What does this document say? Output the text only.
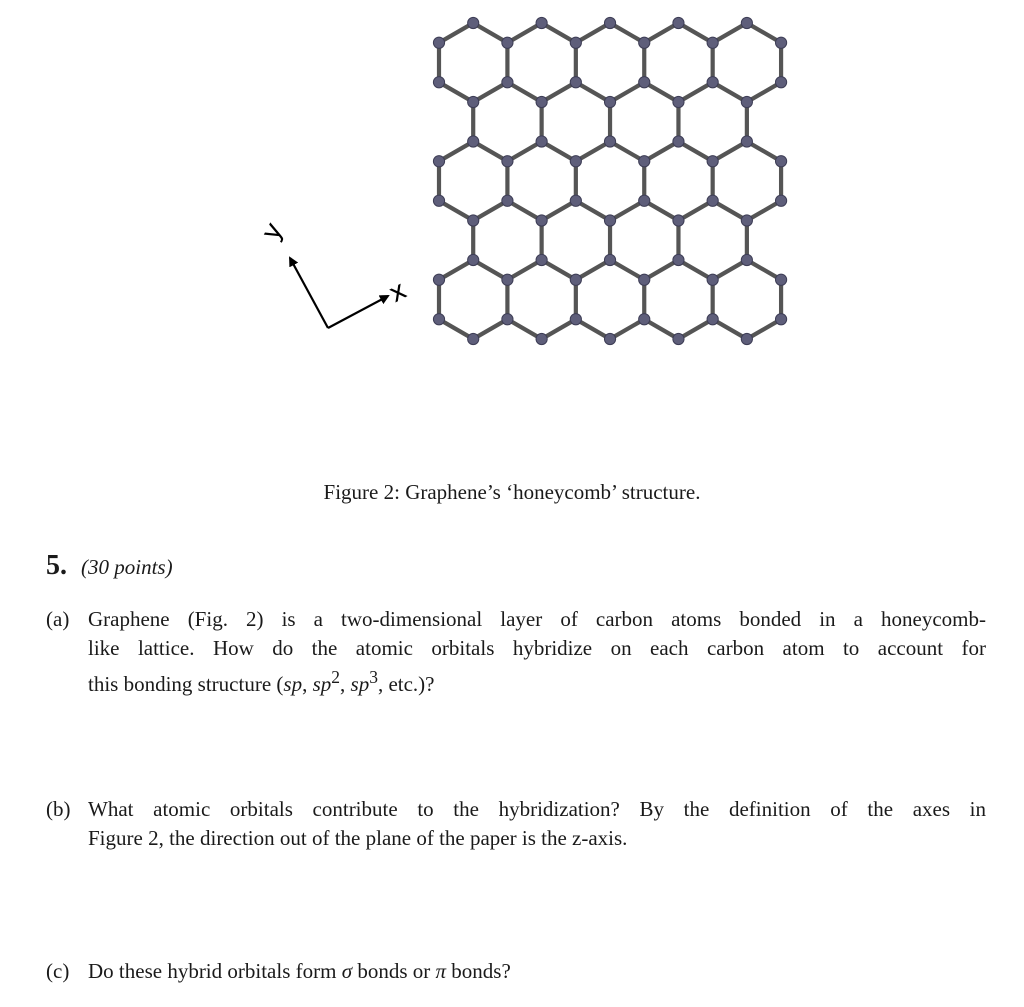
y
x
Figure 2: Graphene’s ‘honeycomb’ structure.
5. (30 points)
(a) Graphene (Fig. 2) is a two-dimensional layer of carbon atoms bonded in a honeycomb-
like lattice. How do the atomic orbitals hybridize on each carbon atom to account for
this bonding structure (sp, $sp^2$, $sp^3$, etc.)?
(b) What atomic orbitals contribute to the hybridization? By the definition of the axes in
Figure 2, the direction out of the plane of the paper is the z-axis.
(c) Do these hybrid orbitals form σ bonds or π bonds?
